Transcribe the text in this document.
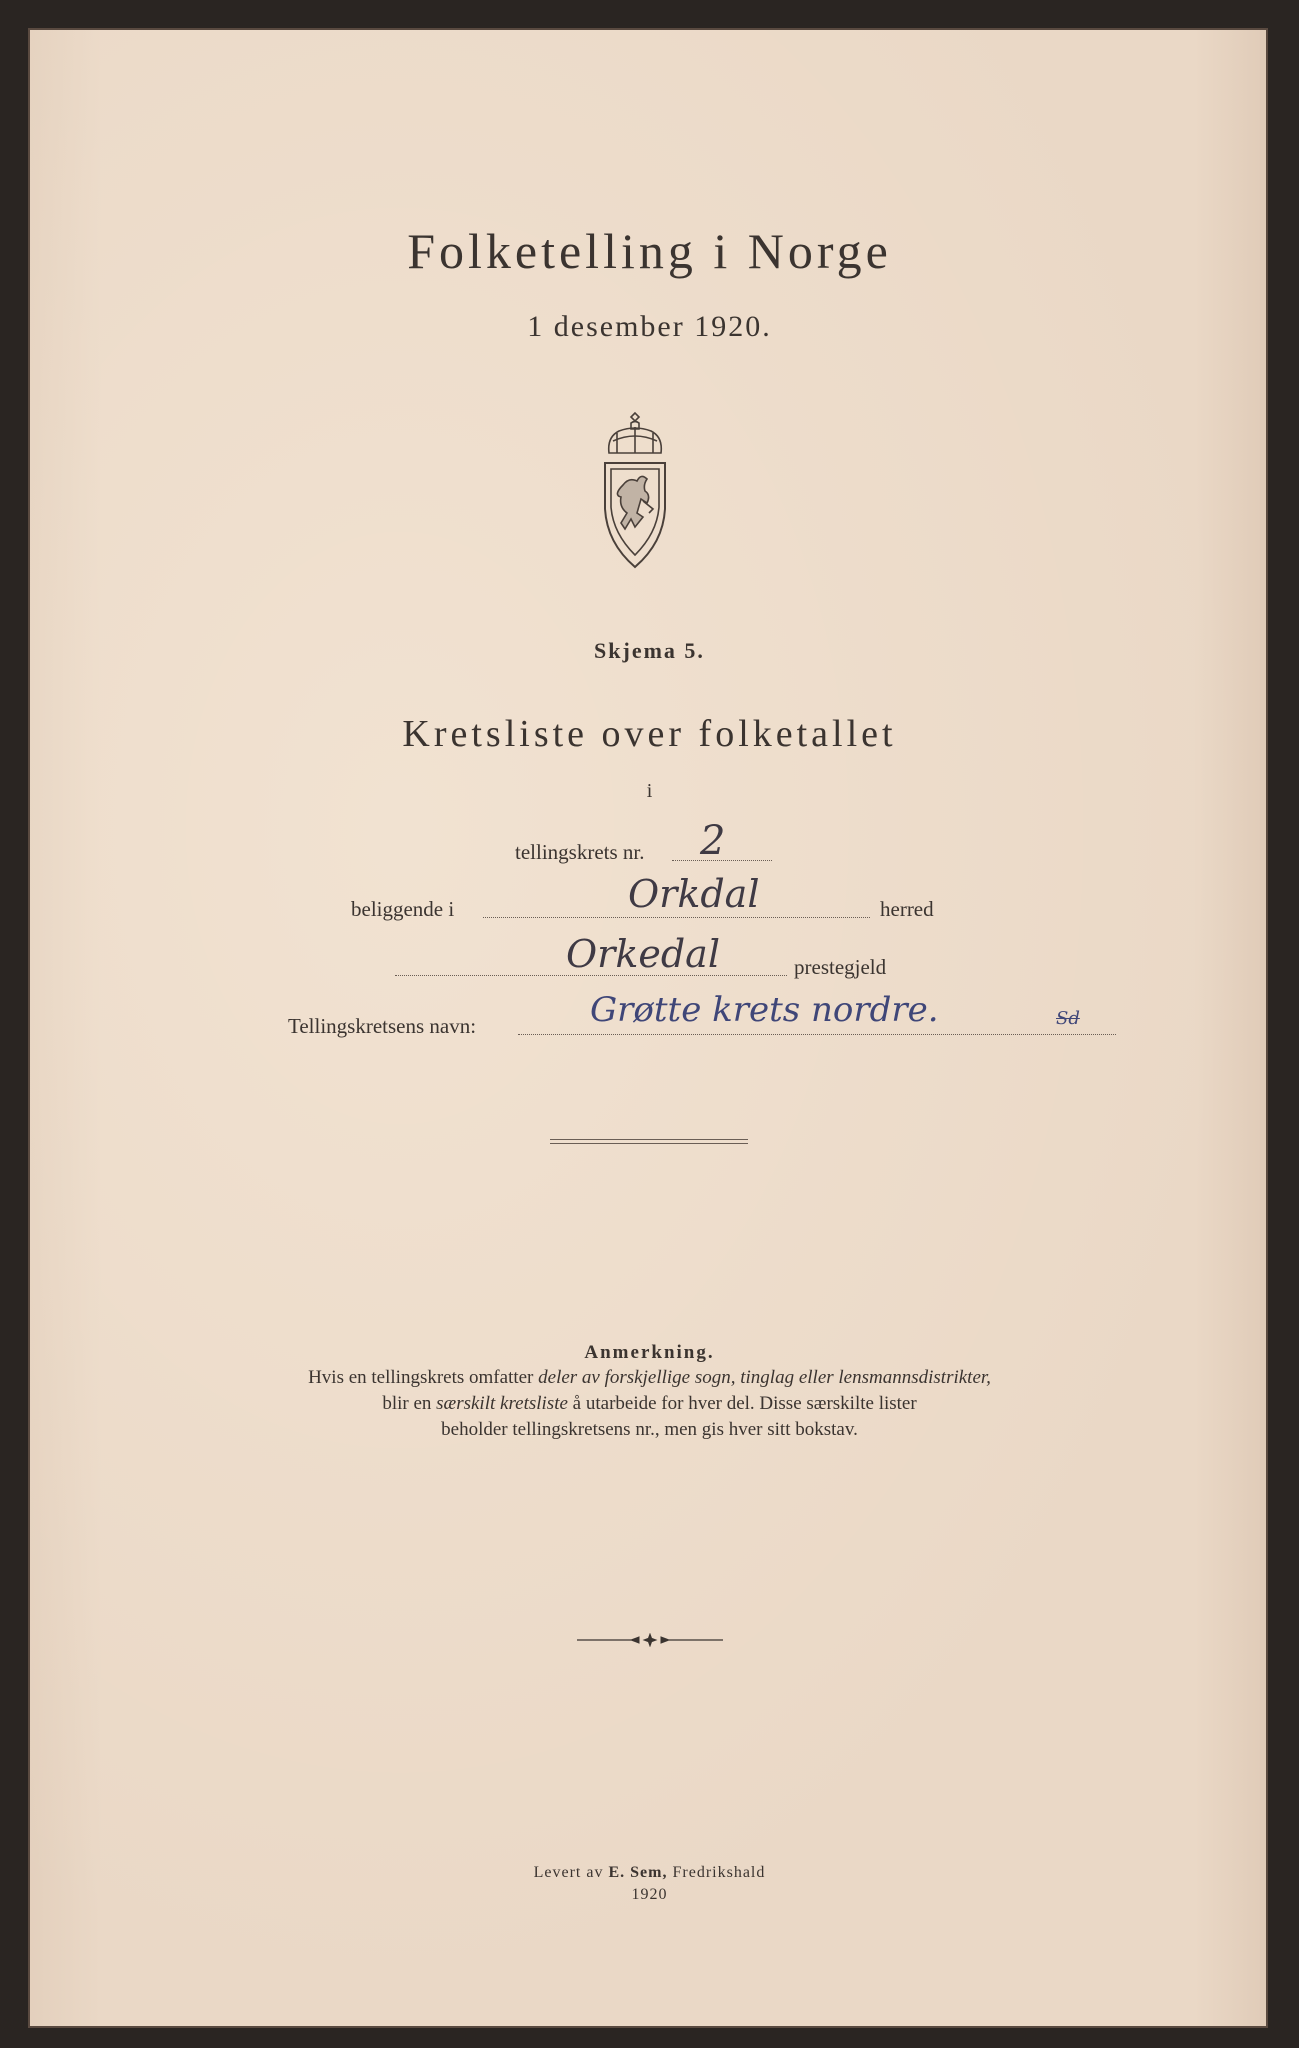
Folketelling i Norge
1 desember 1920.
Skjema 5.
Kretsliste over folketallet
i
tellingskrets nr. 2
beliggende i	Orkdal	herred
Orkedal	prestegjeld
Tellingskretsens navn:	Grøtte krets nordre.	Sd
Anmerkning.
Hvis en tellingskrets omfatter deler av forskjellige sogn, tinglag eller lensmannsdistrikter,
blir en særskilt kretsliste å utarbeide for hver del. Disse særskilte lister
beholder tellingskretsens nr., men gis hver sitt bokstav.
Levert av E. Sem, Fredrikshald
1920
